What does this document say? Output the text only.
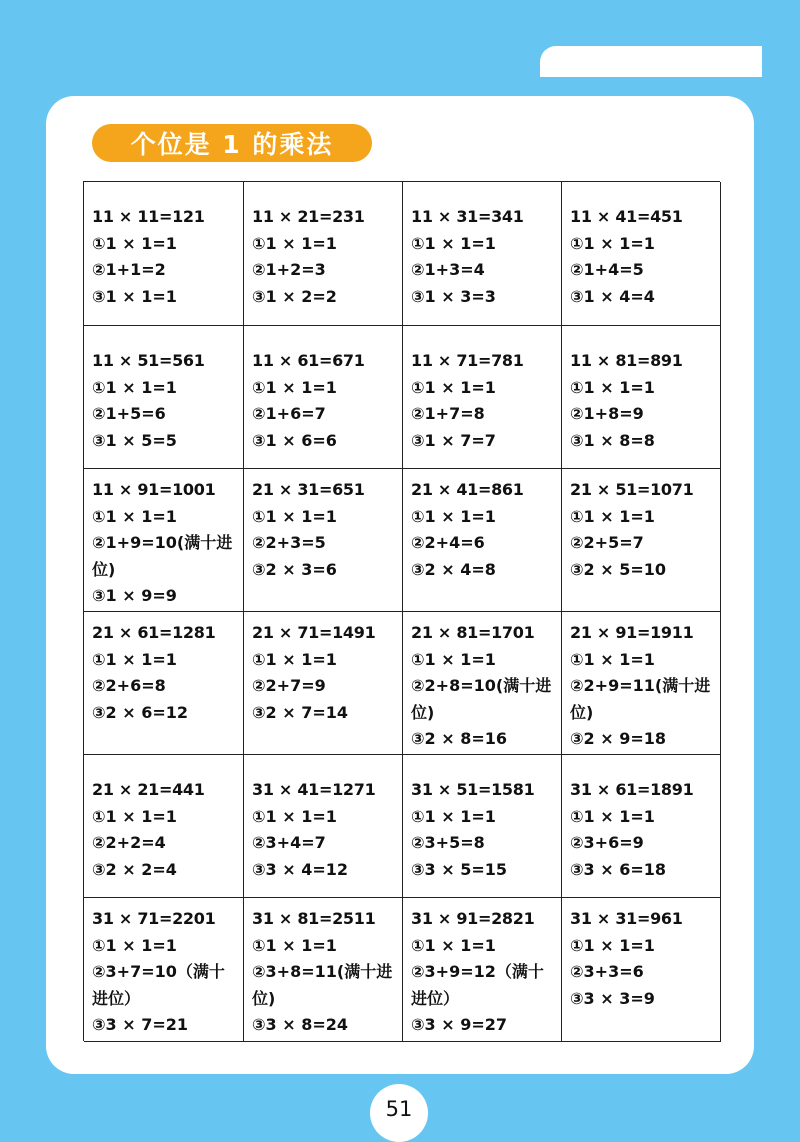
个位是 1 的乘法
11 × 11=121
①1 × 1=1
②1+1=2
③1 × 1=1
11 × 21=231
①1 × 1=1
②1+2=3
③1 × 2=2
11 × 31=341
①1 × 1=1
②1+3=4
③1 × 3=3
11 × 41=451
①1 × 1=1
②1+4=5
③1 × 4=4
11 × 51=561
①1 × 1=1
②1+5=6
③1 × 5=5
11 × 61=671
①1 × 1=1
②1+6=7
③1 × 6=6
11 × 71=781
①1 × 1=1
②1+7=8
③1 × 7=7
11 × 81=891
①1 × 1=1
②1+8=9
③1 × 8=8
11 × 91=1001
①1 × 1=1
②1+9=10(满十进位)
③1 × 9=9
21 × 31=651
①1 × 1=1
②2+3=5
③2 × 3=6
21 × 41=861
①1 × 1=1
②2+4=6
③2 × 4=8
21 × 51=1071
①1 × 1=1
②2+5=7
③2 × 5=10
21 × 61=1281
①1 × 1=1
②2+6=8
③2 × 6=12
21 × 71=1491
①1 × 1=1
②2+7=9
③2 × 7=14
21 × 81=1701
①1 × 1=1
②2+8=10(满十进位)
③2 × 8=16
21 × 91=1911
①1 × 1=1
②2+9=11(满十进位)
③2 × 9=18
21 × 21=441
①1 × 1=1
②2+2=4
③2 × 2=4
31 × 41=1271
①1 × 1=1
②3+4=7
③3 × 4=12
31 × 51=1581
①1 × 1=1
②3+5=8
③3 × 5=15
31 × 61=1891
①1 × 1=1
②3+6=9
③3 × 6=18
31 × 71=2201
①1 × 1=1
②3+7=10（满十进位）
③3 × 7=21
31 × 81=2511
①1 × 1=1
②3+8=11(满十进位)
③3 × 8=24
31 × 91=2821
①1 × 1=1
②3+9=12（满十进位）
③3 × 9=27
31 × 31=961
①1 × 1=1
②3+3=6
③3 × 3=9
51
